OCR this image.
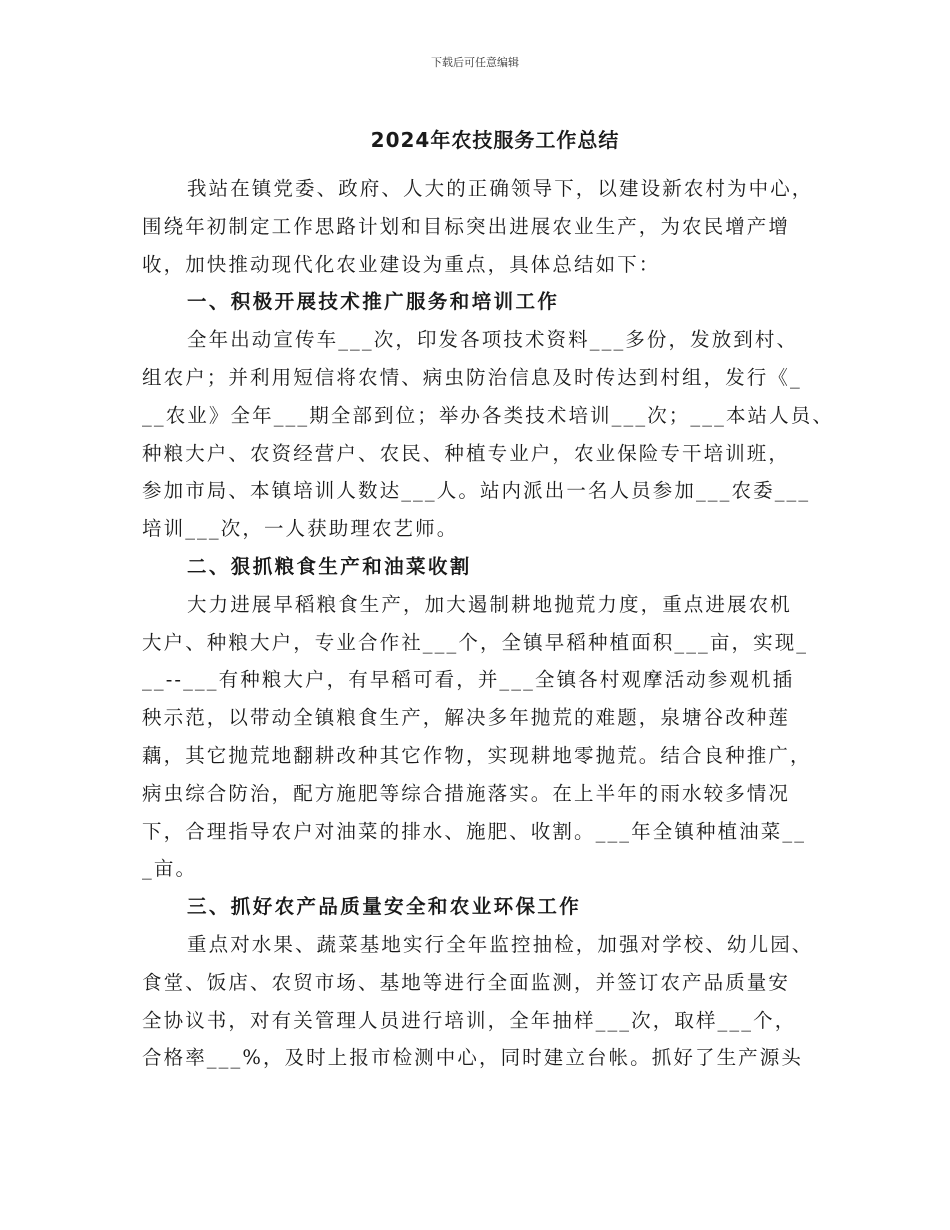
下载后可任意编辑
2024年农技服务工作总结
我站在镇党委、政府、人大的正确领导下，以建设新农村为中心，
围绕年初制定工作思路计划和目标突出进展农业生产，为农民增产增
收，加快推动现代化农业建设为重点，具体总结如下：
一、积极开展技术推广服务和培训工作
全年出动宣传车___次，印发各项技术资料___多份，发放到村、
组农户；并利用短信将农情、病虫防治信息及时传达到村组，发行《_
__农业》全年___期全部到位；举办各类技术培训___次；___本站人员、
种粮大户、农资经营户、农民、种植专业户，农业保险专干培训班，
参加市局、本镇培训人数达___人。站内派出一名人员参加___农委___
培训___次，一人获助理农艺师。
二、狠抓粮食生产和油菜收割
大力进展早稻粮食生产，加大遏制耕地抛荒力度，重点进展农机
大户、种粮大户，专业合作社___个，全镇早稻种植面积___亩，实现_
__--___有种粮大户，有早稻可看，并___全镇各村观摩活动参观机插
秧示范，以带动全镇粮食生产，解决多年抛荒的难题，泉塘谷改种莲
藕，其它抛荒地翻耕改种其它作物，实现耕地零抛荒。结合良种推广，
病虫综合防治，配方施肥等综合措施落实。在上半年的雨水较多情况
下，合理指导农户对油菜的排水、施肥、收割。___年全镇种植油菜__
_亩。
三、抓好农产品质量安全和农业环保工作
重点对水果、蔬菜基地实行全年监控抽检，加强对学校、幼儿园、
食堂、饭店、农贸市场、基地等进行全面监测，并签订农产品质量安
全协议书，对有关管理人员进行培训，全年抽样___次，取样___个，
合格率___%，及时上报市检测中心，同时建立台帐。抓好了生产源头
